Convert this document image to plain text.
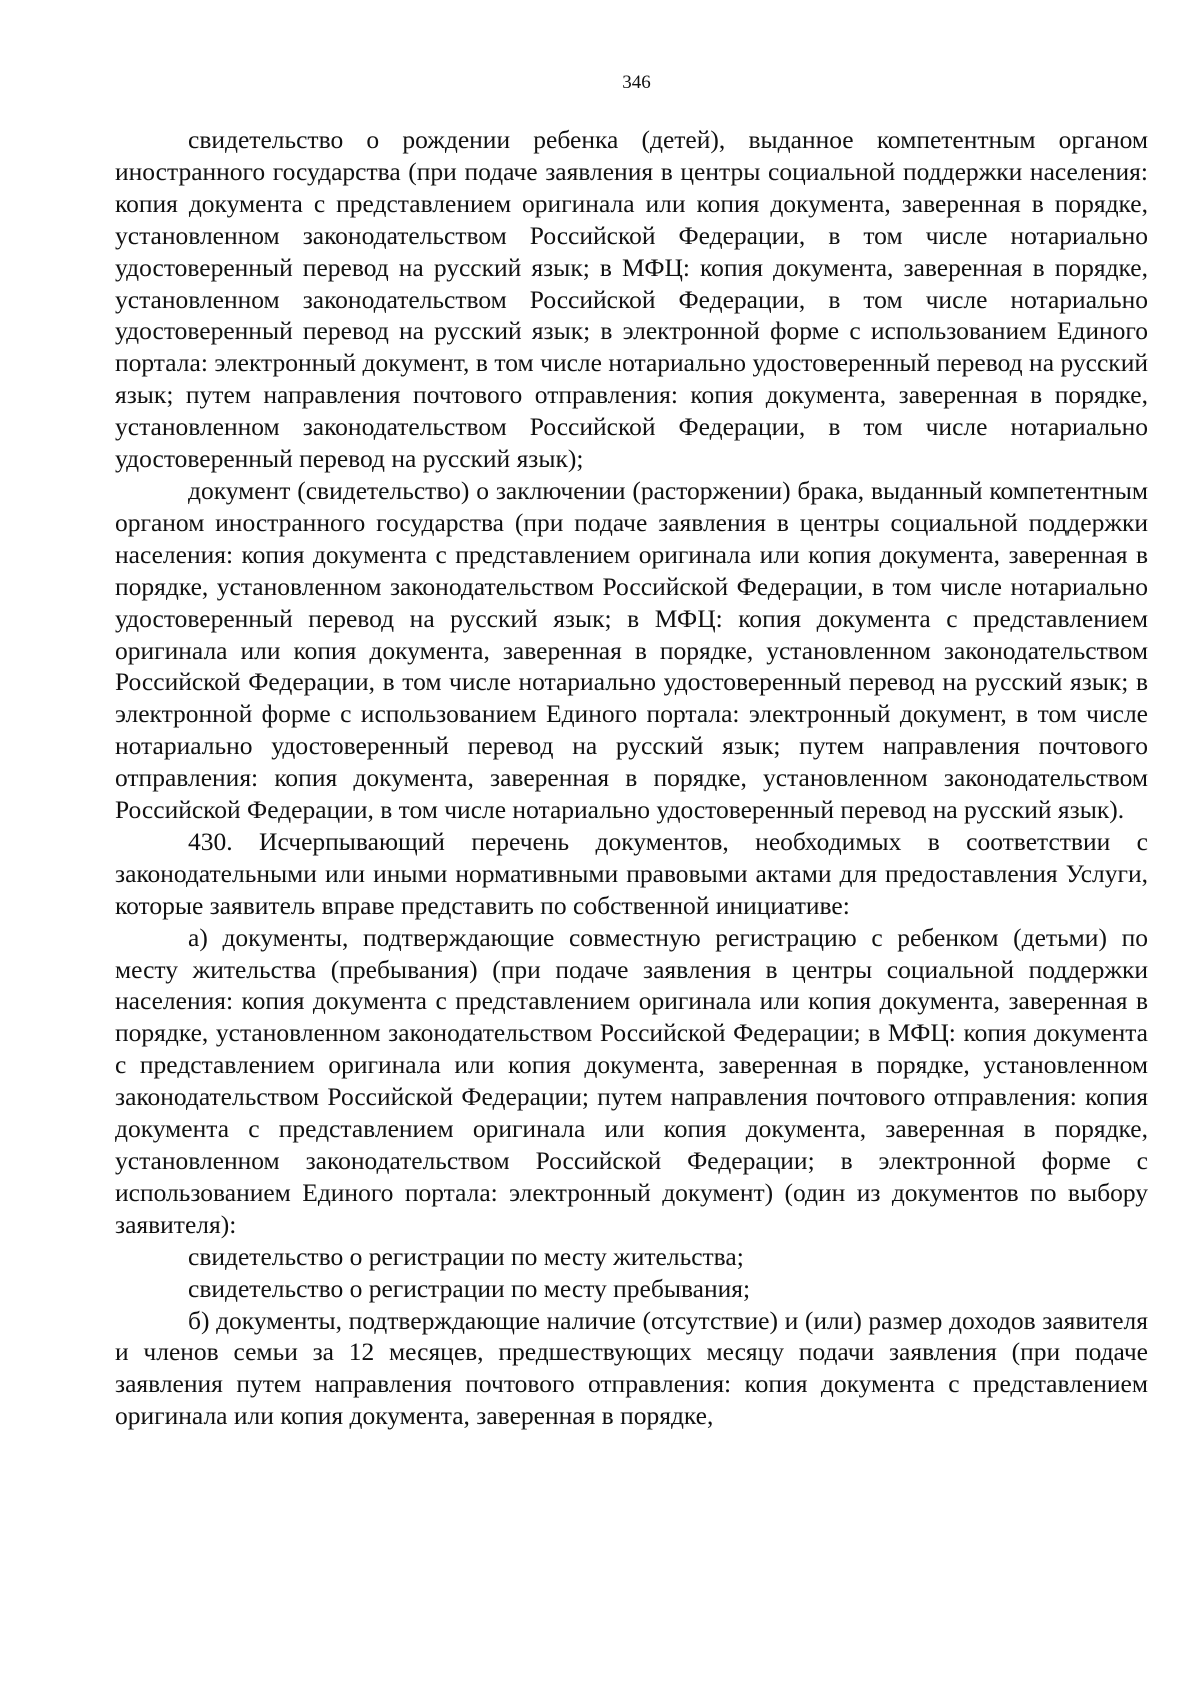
346

свидетельство о рождении ребенка (детей), выданное компетентным органом иностранного государства (при подаче заявления в центры социальной поддержки населения: копия документа с представлением оригинала или копия документа, заверенная в порядке, установленном законодательством Российской Федерации, в том числе нотариально удостоверенный перевод на русский язык; в МФЦ: копия документа, заверенная в порядке, установленном законодательством Российской Федерации, в том числе нотариально удостоверенный перевод на русский язык; в электронной форме с использованием Единого портала: электронный документ, в том числе нотариально удостоверенный перевод на русский язык; путем направления почтового отправления: копия документа, заверенная в порядке, установленном законодательством Российской Федерации, в том числе нотариально удостоверенный перевод на русский язык);

документ (свидетельство) о заключении (расторжении) брака, выданный компетентным органом иностранного государства (при подаче заявления в центры социальной поддержки населения: копия документа с представлением оригинала или копия документа, заверенная в порядке, установленном законодательством Российской Федерации, в том числе нотариально удостоверенный перевод на русский язык; в МФЦ: копия документа с представлением оригинала или копия документа, заверенная в порядке, установленном законодательством Российской Федерации, в том числе нотариально удостоверенный перевод на русский язык; в электронной форме с использованием Единого портала: электронный документ, в том числе нотариально удостоверенный перевод на русский язык; путем направления почтового отправления: копия документа, заверенная в порядке, установленном законодательством Российской Федерации, в том числе нотариально удостоверенный перевод на русский язык).

430. Исчерпывающий перечень документов, необходимых в соответствии с законодательными или иными нормативными правовыми актами для предоставления Услуги, которые заявитель вправе представить по собственной инициативе:

а) документы, подтверждающие совместную регистрацию с ребенком (детьми) по месту жительства (пребывания) (при подаче заявления в центры социальной поддержки населения: копия документа с представлением оригинала или копия документа, заверенная в порядке, установленном законодательством Российской Федерации; в МФЦ: копия документа с представлением оригинала или копия документа, заверенная в порядке, установленном законодательством Российской Федерации; путем направления почтового отправления: копия документа с представлением оригинала или копия документа, заверенная в порядке, установленном законодательством Российской Федерации; в электронной форме с использованием Единого портала: электронный документ) (один из документов по выбору заявителя):

свидетельство о регистрации по месту жительства;

свидетельство о регистрации по месту пребывания;

б) документы, подтверждающие наличие (отсутствие) и (или) размер доходов заявителя и членов семьи за 12 месяцев, предшествующих месяцу подачи заявления (при подаче заявления путем направления почтового отправления: копия документа с представлением оригинала или копия документа, заверенная в порядке,
